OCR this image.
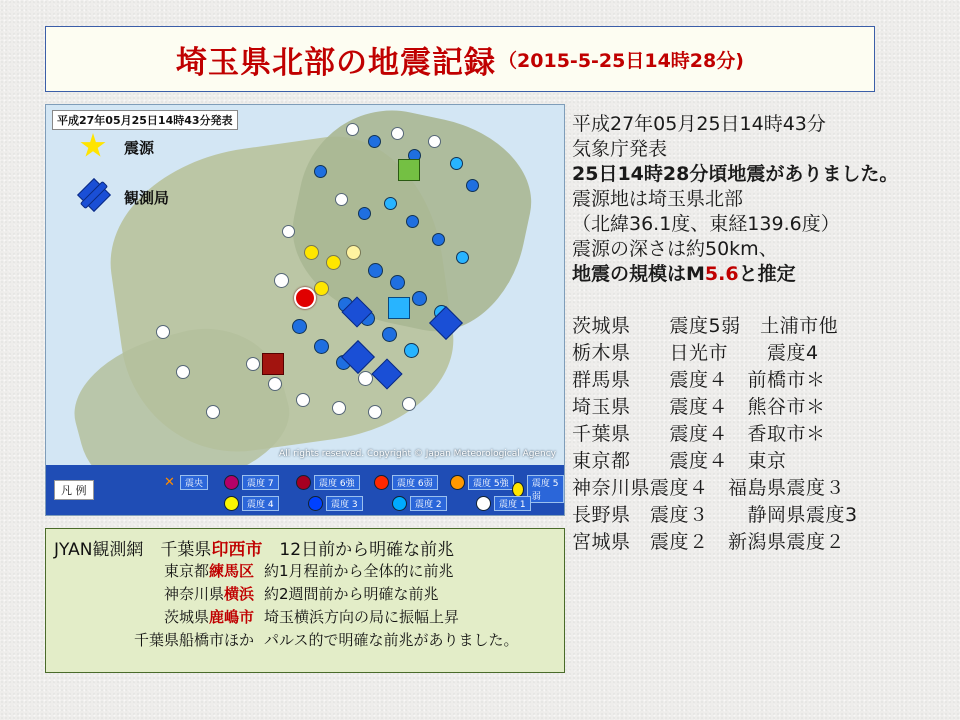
埼玉県北部の地震記録 （2015-5-25日14時28分)
平成27年05月25日14時43分発表
震源
観測局
All rights reserved. Copyright © Japan Meteorological Agency
凡 例
✕	震央	震度 7	震度 6強	震度 6弱	震度 5強	震度 5弱
震度 4	震度 3	震度 2	震度 1
平成27年05月25日14時43分
気象庁発表
25日14時28分頃地震がありました。
震源地は埼玉県北部
（北緯36.1度、東経139.6度）
震源の深さは約50km、
地震の規模はM5.6と推定
茨城県　　震度5弱　土浦市他
栃木県　　日光市　　震度4
群馬県　　震度４　前橋市＊
埼玉県　　震度４　熊谷市＊
千葉県　　震度４　香取市＊
東京都　　震度４　東京
神奈川県震度４　福島県震度３
長野県　震度３　　静岡県震度3
宮城県　震度２　新潟県震度２
JYAN観測網　千葉県印西市　12日前から明確な前兆
東京都練馬区 約1月程前から全体的に前兆
神奈川県横浜 約2週間前から明確な前兆
茨城県鹿嶋市 埼玉横浜方向の局に振幅上昇
千葉県船橋市ほか パルス的で明確な前兆がありました。
